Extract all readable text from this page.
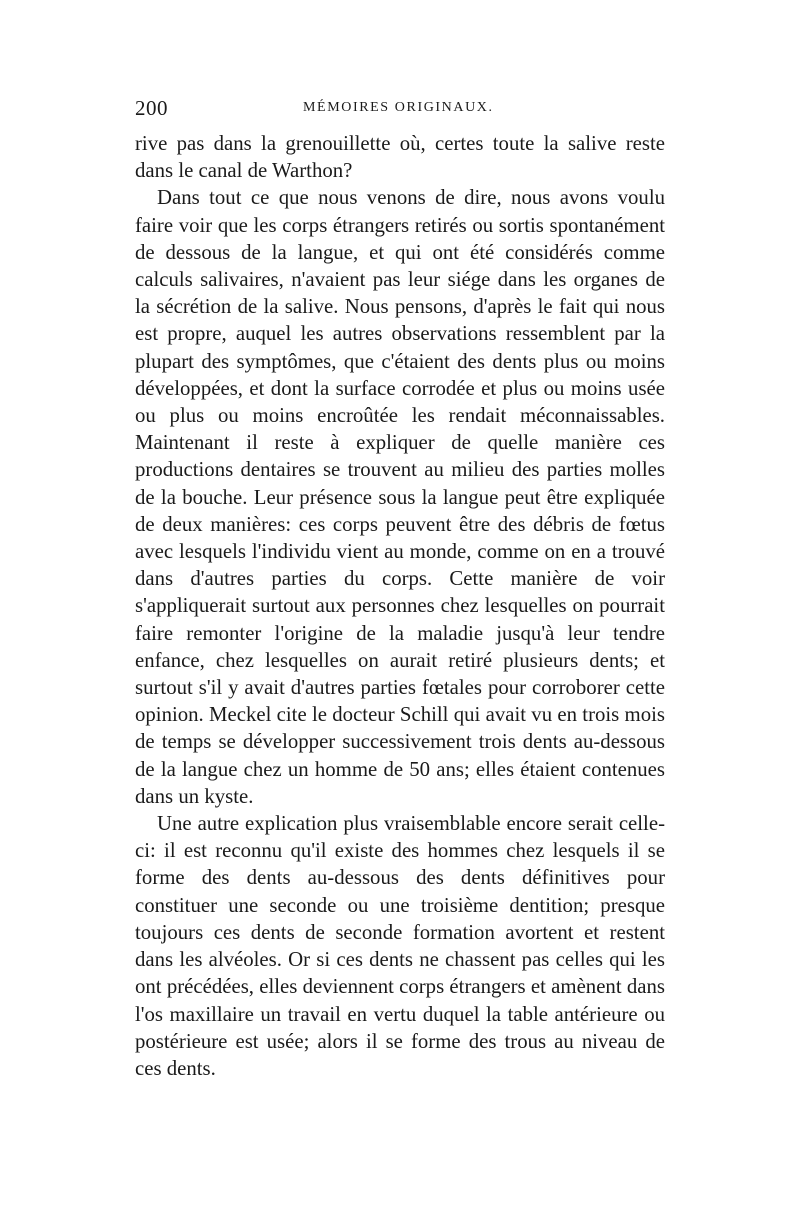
200	MÉMOIRES ORIGINAUX.

rive pas dans la grenouillette où, certes toute la salive reste dans le canal de Warthon?

Dans tout ce que nous venons de dire, nous avons voulu faire voir que les corps étrangers retirés ou sortis spontanément de dessous de la langue, et qui ont été considérés comme calculs salivaires, n'avaient pas leur siége dans les organes de la sécrétion de la salive. Nous pensons, d'après le fait qui nous est propre, auquel les autres observations ressemblent par la plupart des symptômes, que c'étaient des dents plus ou moins développées, et dont la surface corrodée et plus ou moins usée ou plus ou moins encroûtée les rendait méconnaissables. Maintenant il reste à expliquer de quelle manière ces productions dentaires se trouvent au milieu des parties molles de la bouche. Leur présence sous la langue peut être expliquée de deux manières: ces corps peuvent être des débris de fœtus avec lesquels l'individu vient au monde, comme on en a trouvé dans d'autres parties du corps. Cette manière de voir s'appliquerait surtout aux personnes chez lesquelles on pourrait faire remonter l'origine de la maladie jusqu'à leur tendre enfance, chez lesquelles on aurait retiré plusieurs dents; et surtout s'il y avait d'autres parties fœtales pour corroborer cette opinion. Meckel cite le docteur Schill qui avait vu en trois mois de temps se développer successivement trois dents au-dessous de la langue chez un homme de 50 ans; elles étaient contenues dans un kyste.

Une autre explication plus vraisemblable encore serait celle-ci: il est reconnu qu'il existe des hommes chez lesquels il se forme des dents au-dessous des dents définitives pour constituer une seconde ou une troisième dentition; presque toujours ces dents de seconde formation avortent et restent dans les alvéoles. Or si ces dents ne chassent pas celles qui les ont précédées, elles deviennent corps étrangers et amènent dans l'os maxillaire un travail en vertu duquel la table antérieure ou postérieure est usée; alors il se forme des trous au niveau de ces dents.
